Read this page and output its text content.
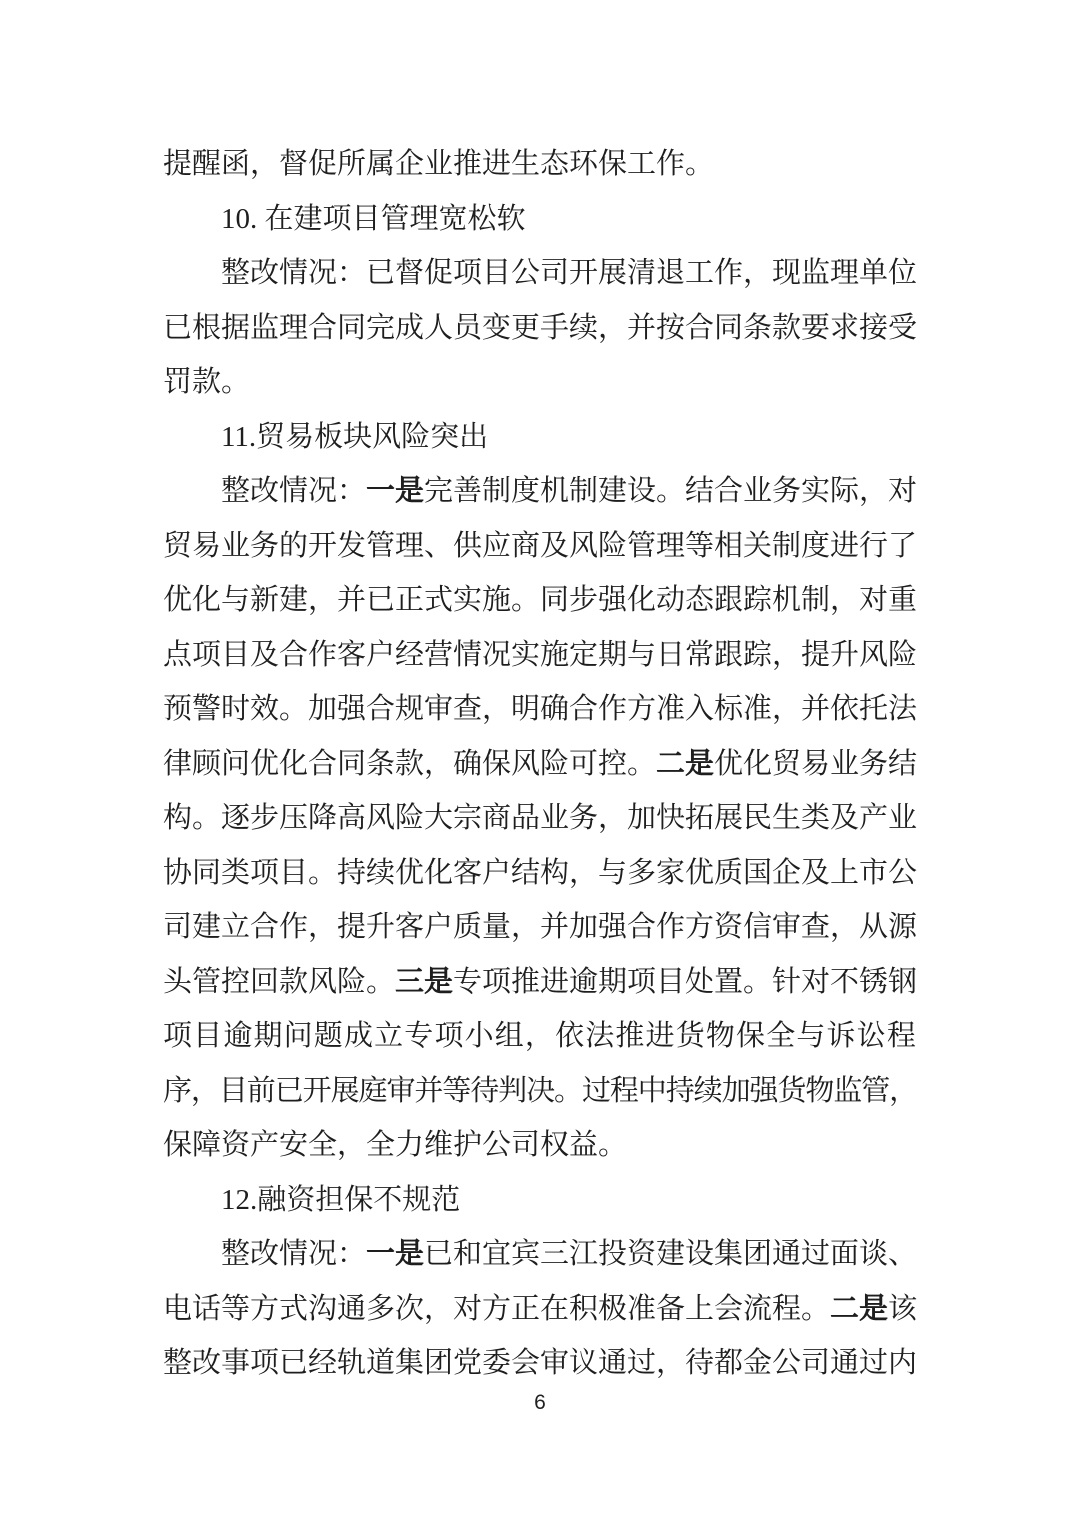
提醒函，督促所属企业推进生态环保工作。
10. 在建项目管理宽松软
整改情况：已督促项目公司开展清退工作，现监理单位
已根据监理合同完成人员变更手续，并按合同条款要求接受
罚款。
11.贸易板块风险突出
整改情况：一是完善制度机制建设。结合业务实际，对
贸易业务的开发管理、供应商及风险管理等相关制度进行了
优化与新建，并已正式实施。同步强化动态跟踪机制，对重
点项目及合作客户经营情况实施定期与日常跟踪，提升风险
预警时效。加强合规审查，明确合作方准入标准，并依托法
律顾问优化合同条款，确保风险可控。二是优化贸易业务结
构。逐步压降高风险大宗商品业务，加快拓展民生类及产业
协同类项目。持续优化客户结构，与多家优质国企及上市公
司建立合作，提升客户质量，并加强合作方资信审查，从源
头管控回款风险。三是专项推进逾期项目处置。针对不锈钢
项目逾期问题成立专项小组，依法推进货物保全与诉讼程
序，目前已开展庭审并等待判决。过程中持续加强货物监管，
保障资产安全，全力维护公司权益。
12.融资担保不规范
整改情况：一是已和宜宾三江投资建设集团通过面谈、
电话等方式沟通多次，对方正在积极准备上会流程。二是该
整改事项已经轨道集团党委会审议通过，待都金公司通过内
6
